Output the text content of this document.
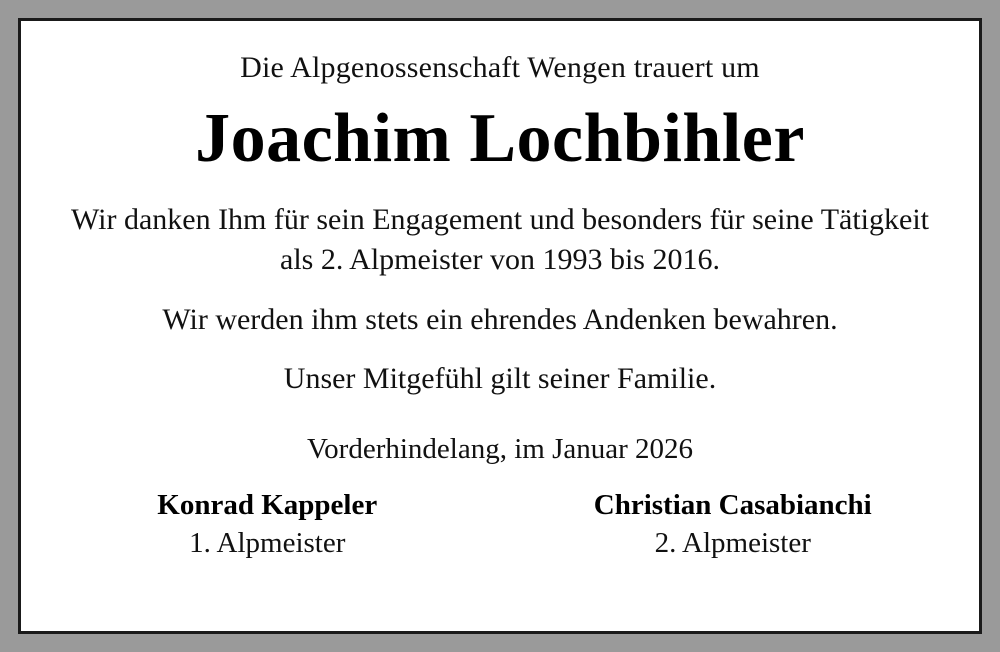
Die Alpgenossenschaft Wengen trauert um
Joachim Lochbihler

Wir danken Ihm für sein Engagement und besonders für seine Tätigkeit als 2. Alpmeister von 1993 bis 2016.

Wir werden ihm stets ein ehrendes Andenken bewahren.

Unser Mitgefühl gilt seiner Familie.

Vorderhindelang, im Januar 2026
Konrad Kappeler
1. Alpmeister
Christian Casabianchi
2. Alpmeister
